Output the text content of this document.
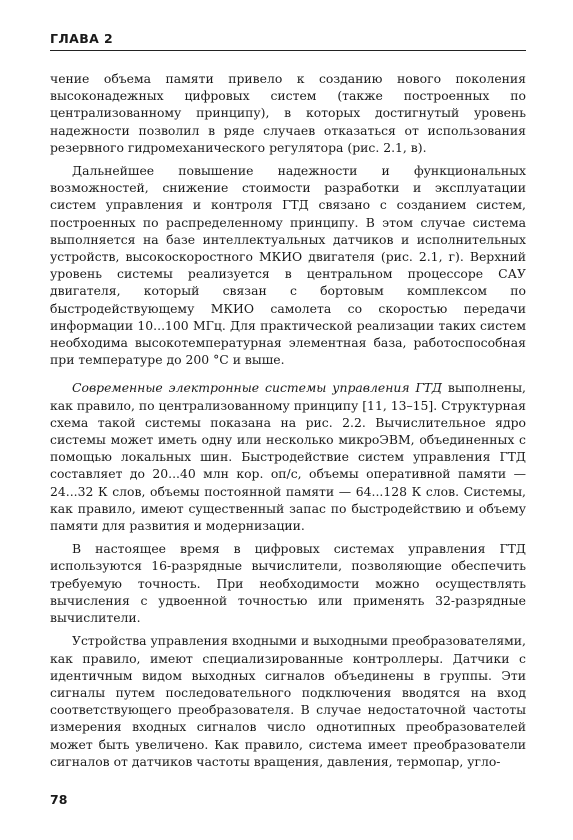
ГЛАВА 2

чение объема памяти привело к созданию нового поколения высоконадежных цифровых систем (также построенных по централизованному принципу), в которых достигнутый уровень надежности позволил в ряде случаев отказаться от использования резервного гидромеханического регулятора (рис. 2.1, в).

Дальнейшее повышение надежности и функциональных возможностей, снижение стоимости разработки и эксплуатации систем управления и контроля ГТД связано с созданием систем, построенных по распределенному принципу. В этом случае система выполняется на базе интеллектуальных датчиков и исполнительных устройств, высокоскоростного МКИО двигателя (рис. 2.1, г). Верхний уровень системы реализуется в центральном процессоре САУ двигателя, который связан с бортовым комплексом по быстродействующему МКИО самолета со скоростью передачи информации 10...100 МГц. Для практической реализации таких систем необходима высокотемпературная элементная база, работоспособная при температуре до 200 °С и выше.

Современные электронные системы управления ГТД выполнены, как правило, по централизованному принципу [11, 13–15]. Структурная схема такой системы показана на рис. 2.2. Вычислительное ядро системы может иметь одну или несколько микроЭВМ, объединенных с помощью локальных шин. Быстродействие систем управления ГТД составляет до 20...40 млн кор. оп/с, объемы оперативной памяти — 24...32 К слов, объемы постоянной памяти — 64...128 К слов. Системы, как правило, имеют существенный запас по быстродействию и объему памяти для развития и модернизации.

В настоящее время в цифровых системах управления ГТД используются 16-разрядные вычислители, позволяющие обеспечить требуемую точность. При необходимости можно осуществлять вычисления с удвоенной точностью или применять 32-разрядные вычислители.

Устройства управления входными и выходными преобразователями, как правило, имеют специализированные контроллеры. Датчики с идентичным видом выходных сигналов объединены в группы. Эти сигналы путем последовательного подключения вводятся на вход соответствующего преобразователя. В случае недостаточной частоты измерения входных сигналов число однотипных преобразователей может быть увеличено. Как правило, система имеет преобразователи сигналов от датчиков частоты вращения, давления, термопар, угло-

78
